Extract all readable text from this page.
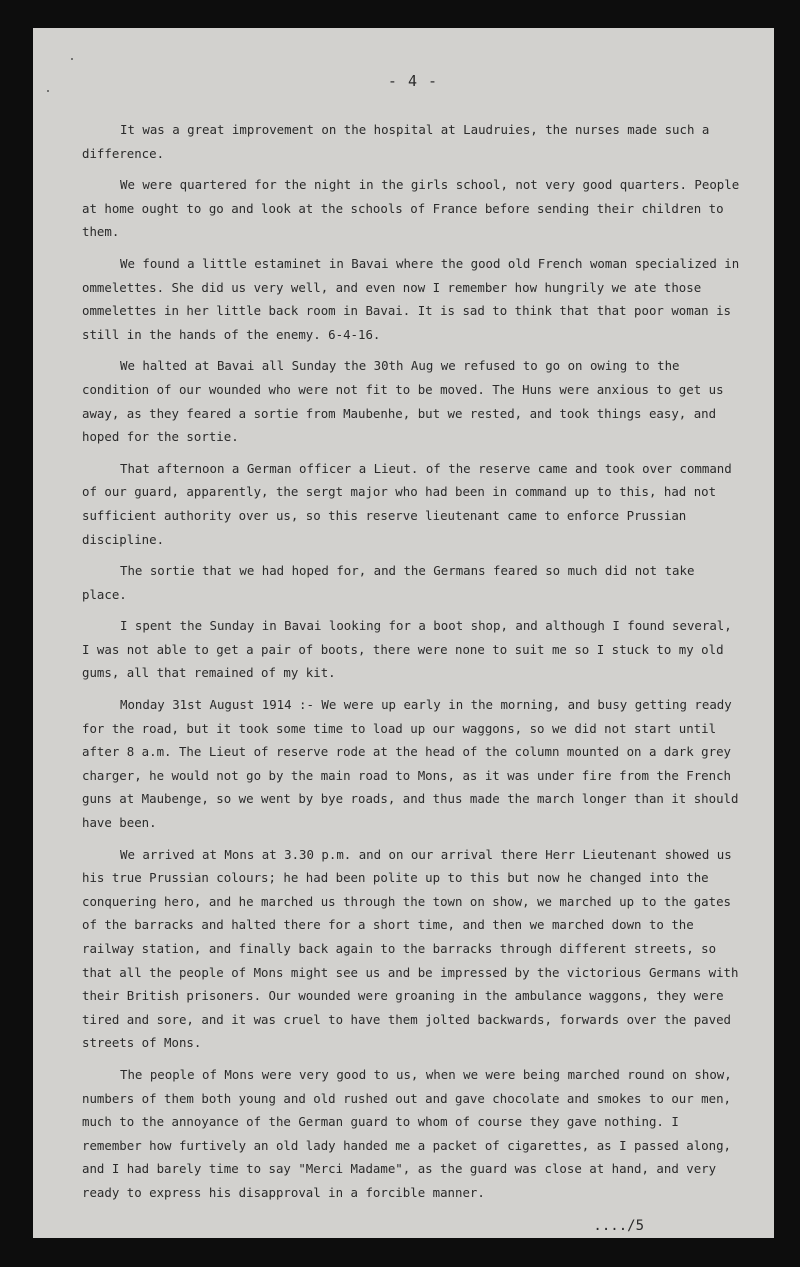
- 4 -

It was a great improvement on the hospital at Laudruies, the nurses made such a difference.

We were quartered for the night in the girls school, not very good quarters. People at home ought to go and look at the schools of France before sending their children to them.

We found a little estaminet in Bavai where the good old French woman specialized in ommelettes. She did us very well, and even now I remember how hungrily we ate those ommelettes in her little back room in Bavai. It is sad to think that that poor woman is still in the hands of the enemy. 6-4-16.

We halted at Bavai all Sunday the 30th Aug we refused to go on owing to the condition of our wounded who were not fit to be moved. The Huns were anxious to get us away, as they feared a sortie from Maubenhe, but we rested, and took things easy, and hoped for the sortie.

That afternoon a German officer a Lieut. of the reserve came and took over command of our guard, apparently, the sergt major who had been in command up to this, had not sufficient authority over us, so this reserve lieutenant came to enforce Prussian discipline.

The sortie that we had hoped for, and the Germans feared so much did not take place.

I spent the Sunday in Bavai looking for a boot shop, and although I found several, I was not able to get a pair of boots, there were none to suit me so I stuck to my old gums, all that remained of my kit.

Monday 31st August 1914 :- We were up early in the morning, and busy getting ready for the road, but it took some time to load up our waggons, so we did not start until after 8 a.m. The Lieut of reserve rode at the head of the column mounted on a dark grey charger, he would not go by the main road to Mons, as it was under fire from the French guns at Maubenge, so we went by bye roads, and thus made the march longer than it should have been.

We arrived at Mons at 3.30 p.m. and on our arrival there Herr Lieutenant showed us his true Prussian colours; he had been polite up to this but now he changed into the conquering hero, and he marched us through the town on show, we marched up to the gates of the barracks and halted there for a short time, and then we marched down to the railway station, and finally back again to the barracks through different streets, so that all the people of Mons might see us and be impressed by the victorious Germans with their British prisoners. Our wounded were groaning in the ambulance waggons, they were tired and sore, and it was cruel to have them jolted backwards, forwards over the paved streets of Mons.

The people of Mons were very good to us, when we were being marched round on show, numbers of them both young and old rushed out and gave chocolate and smokes to our men, much to the annoyance of the German guard to whom of course they gave nothing. I remember how furtively an old lady handed me a packet of cigarettes, as I passed along, and I had barely time to say "Merci Madame", as the guard was close at hand, and very ready to express his disapproval in a forcible manner.

..../5
